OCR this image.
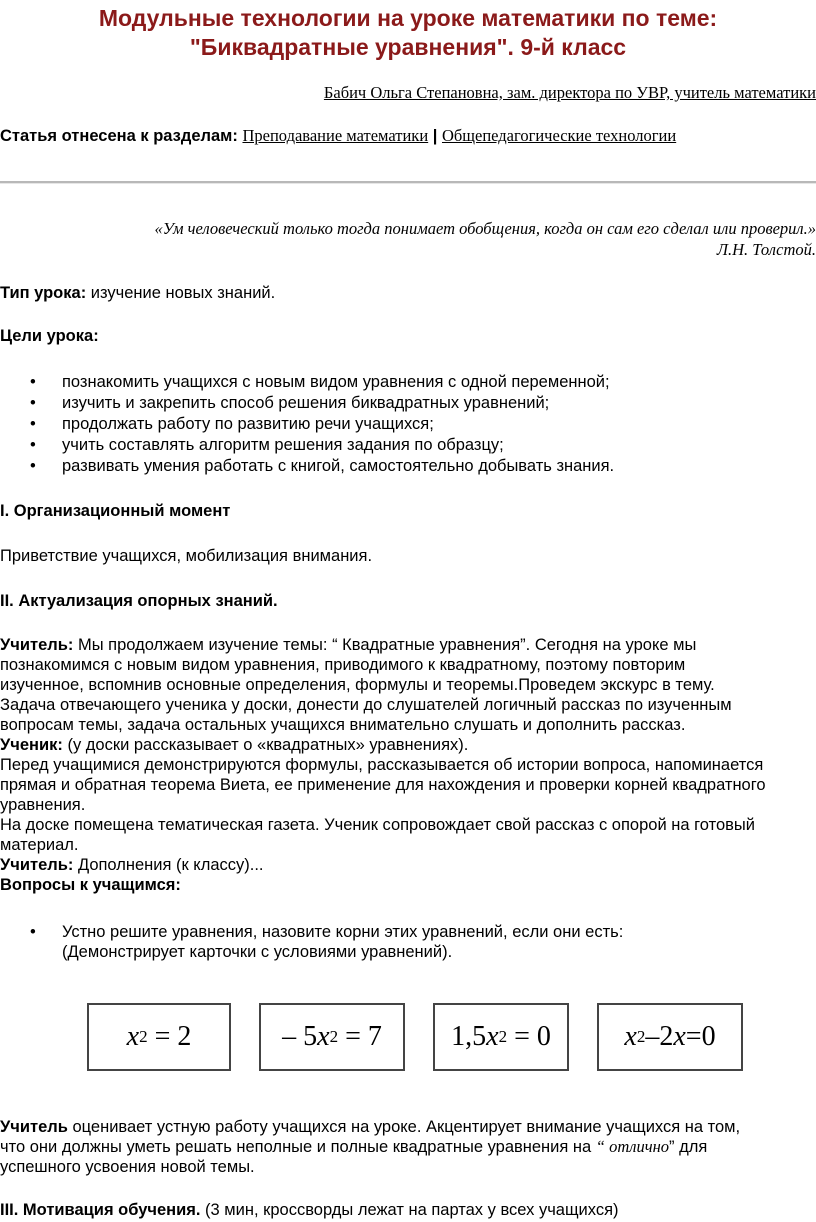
Модульные технологии на уроке математики по теме:
"Биквадратные уравнения". 9-й класс
Бабич Ольга Степановна, зам. директора по УВР, учитель математики
Статья отнесена к разделам: Преподавание математики | Общепедагогические технологии
«Ум человеческий только тогда понимает обобщения, когда он сам его сделал или проверил.»
Л.Н. Толстой.
Тип урока: изучение новых знаний.
Цели урока:
• познакомить учащихся с новым видом уравнения с одной переменной;
• изучить и закрепить способ решения биквадратных уравнений;
• продолжать работу по развитию речи учащихся;
• учить составлять алгоритм решения задания по образцу;
• развивать умения работать с книгой, самостоятельно добывать знания.
I. Организационный момент
Приветствие учащихся, мобилизация внимания.
II. Актуализация опорных знаний.
Учитель: Мы продолжаем изучение темы: “ Квадратные уравнения”. Сегодня на уроке мы
познакомимся с новым видом уравнения, приводимого к квадратному, поэтому повторим
изученное, вспомнив основные определения, формулы и теоремы.Проведем экскурс в тему.
Задача отвечающего ученика у доски, донести до слушателей логичный рассказ по изученным
вопросам темы, задача остальных учащихся внимательно слушать и дополнить рассказ.
Ученик: (у доски рассказывает о «квадратных» уравнениях).
Перед учащимися демонстрируются формулы, рассказывается об истории вопроса, напоминается
прямая и обратная теорема Виета, ее применение для нахождения и проверки корней квадратного
уравнения.
На доске помещена тематическая газета. Ученик сопровождает свой рассказ с опорой на готовый
материал.
Учитель: Дополнения (к классу)...
Вопросы к учащимся:
• Устно решите уравнения, назовите корни этих уравнений, если они есть:
(Демонстрирует карточки с условиями уравнений).
x 2 = 2	– 5 x 2 = 7 1,5 x 2 = 0	x 2 –2 x =0
Учитель оценивает устную работу учащихся на уроке. Акцентирует внимание учащихся на том,
что они должны уметь решать неполные и полные квадратные уравнения на “ отлично” для
успешного усвоения новой темы.
III. Мотивация обучения. (3 мин, кроссворды лежат на партах у всех учащихся)
